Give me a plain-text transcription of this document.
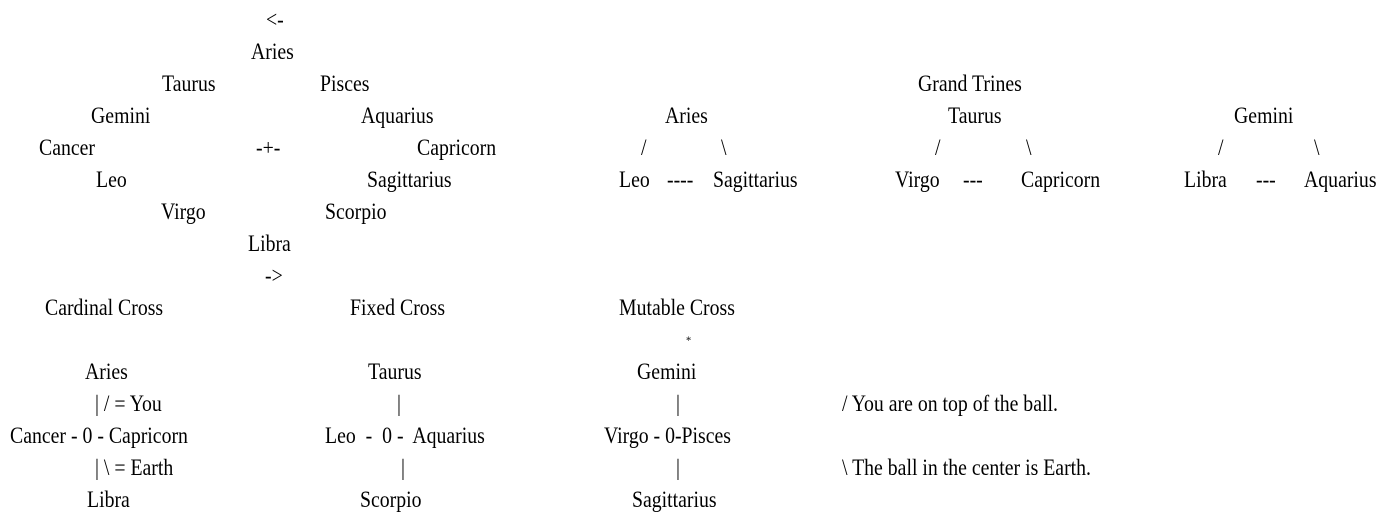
<-
Aries
Taurus	Pisces
Gemini	Aquarius
Cancer	-+-	Capricorn
Leo	Sagittarius
Virgo	Scorpio
Libra
->
Grand Trines
Aries
/	\
Leo ---- Sagittarius
Taurus
/	\
Virgo --- Capricorn
Gemini
/	\
Libra --- Aquarius
Cardinal Cross
Aries
| / = You
Cancer - 0 - Capricorn
| \ = Earth
Libra
Fixed Cross
Taurus
|
Leo  -  0 -  Aquarius
|
Scorpio
Mutable Cross
*
Gemini
|
Virgo - 0-Pisces
|
Sagittarius
/ You are on top of the ball.
\ The ball in the center is Earth.
